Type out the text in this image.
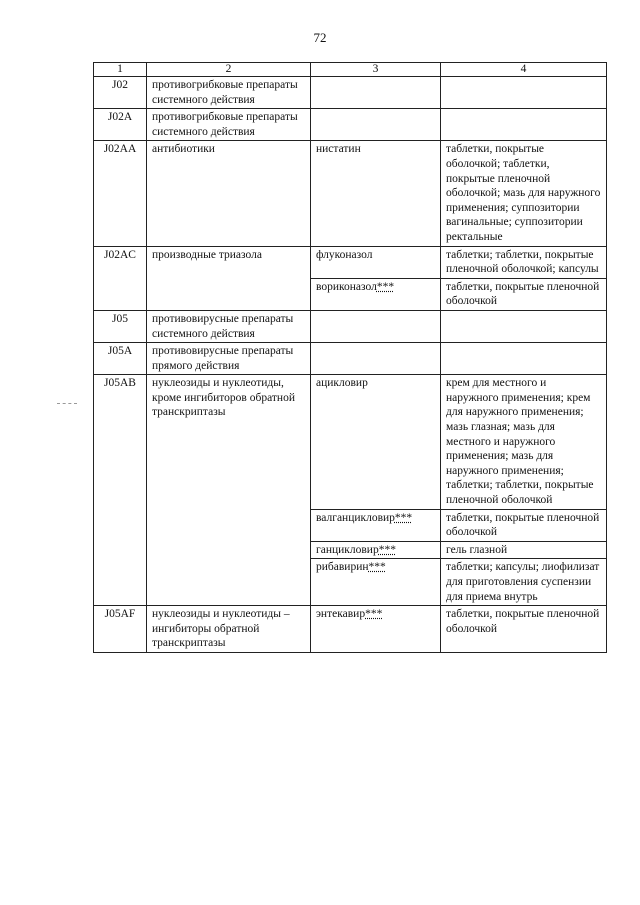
72
1	2	3	4
J02	противогрибковые препараты системного действия		
J02A	противогрибковые препараты системного действия		
J02AA	антибиотики	нистатин	таблетки, покрытые оболочкой; таблетки, покрытые пленочной оболочкой; мазь для наружного применения; суппозитории вагинальные; суппозитории ректальные
J02AC	производные триазола	флуконазол	таблетки; таблетки, покрытые пленочной оболочкой; капсулы
		вориконазол***	таблетки, покрытые пленочной оболочкой
J05	противовирусные препараты системного действия		
J05A	противовирусные препараты прямого действия		
J05AB	нуклеозиды и нуклеотиды, кроме ингибиторов обратной транскриптазы	ацикловир	крем для местного и наружного применения; крем для наружного применения; мазь глазная; мазь для местного и наружного применения; мазь для наружного применения; таблетки; таблетки, покрытые пленочной оболочкой
		валганцикловир***	таблетки, покрытые пленочной оболочкой
		ганцикловир***	гель глазной
		рибавирин***	таблетки; капсулы; лиофилизат для приготовления суспензии для приема внутрь
J05AF	нуклеозиды и нуклеотиды – ингибиторы обратной транскриптазы	энтекавир***	таблетки, покрытые пленочной оболочкой
